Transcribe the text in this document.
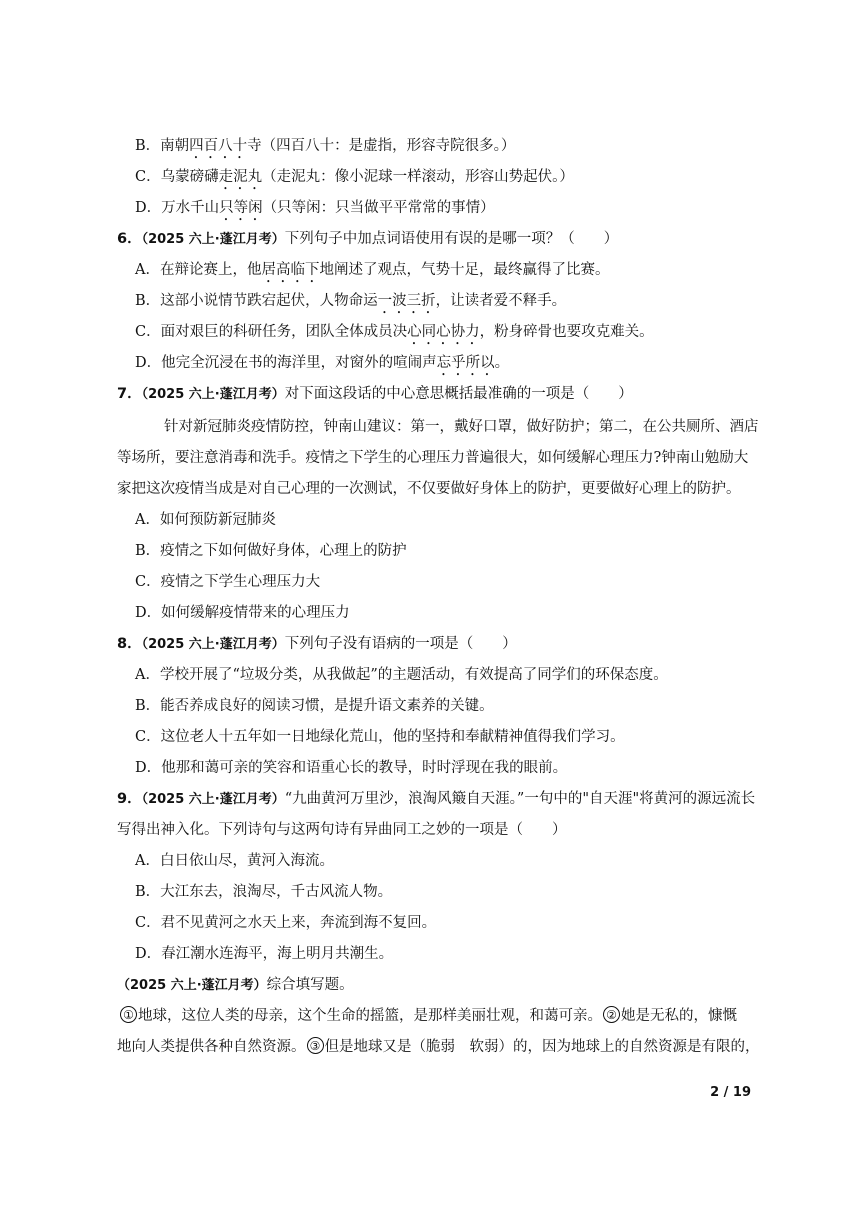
B．南朝四百八十寺（四百八十：是虚指，形容寺院很多。）
C．乌蒙磅礴走泥丸（走泥丸：像小泥球一样滚动，形容山势起伏。）
D．万水千山只等闲（只等闲：只当做平平常常的事情）
6．（2025 六上·蓬江月考）下列句子中加点词语使用有误的是哪一项？（　　）
A．在辩论赛上，他居高临下地阐述了观点，气势十足，最终赢得了比赛。
B．这部小说情节跌宕起伏，人物命运一波三折，让读者爱不释手。
C．面对艰巨的科研任务，团队全体成员决心同心协力，粉身碎骨也要攻克难关。
D．他完全沉浸在书的海洋里，对窗外的喧闹声忘乎所以。
7．（2025 六上·蓬江月考）对下面这段话的中心意思概括最准确的一项是（　　）
针对新冠肺炎疫情防控，钟南山建议：第一，戴好口罩，做好防护；第二，在公共厕所、酒店
等场所，要注意消毒和洗手。疫情之下学生的心理压力普遍很大，如何缓解心理压力?钟南山勉励大
家把这次疫情当成是对自己心理的一次测试，不仅要做好身体上的防护，更要做好心理上的防护。
A．如何预防新冠肺炎
B．疫情之下如何做好身体，心理上的防护
C．疫情之下学生心理压力大
D．如何缓解疫情带来的心理压力
8．（2025 六上·蓬江月考）下列句子没有语病的一项是（　　）
A．学校开展了“垃圾分类，从我做起”的主题活动，有效提高了同学们的环保态度。
B．能否养成良好的阅读习惯，是提升语文素养的关键。
C．这位老人十五年如一日地绿化荒山，他的坚持和奉献精神值得我们学习。
D．他那和蔼可亲的笑容和语重心长的教导，时时浮现在我的眼前。
9．（2025 六上·蓬江月考）“九曲黄河万里沙，浪淘风簸自天涯。”一句中的"自天涯"将黄河的源远流长
写得出神入化。下列诗句与这两句诗有异曲同工之妙的一项是（　　）
A．白日依山尽，黄河入海流。
B．大江东去，浪淘尽，千古风流人物。
C．君不见黄河之水天上来，奔流到海不复回。
D．春江潮水连海平，海上明月共潮生。
（2025 六上·蓬江月考）综合填写题。
① 地球，这位人类的母亲，这个生命的摇篮，是那样美丽壮观，和蔼可亲。 ② 她是无私的，慷慨
地向人类提供各种自然资源。 ③ 但是地球又是（脆弱　软弱）的，因为地球上的自然资源是有限的，
2 / 19
